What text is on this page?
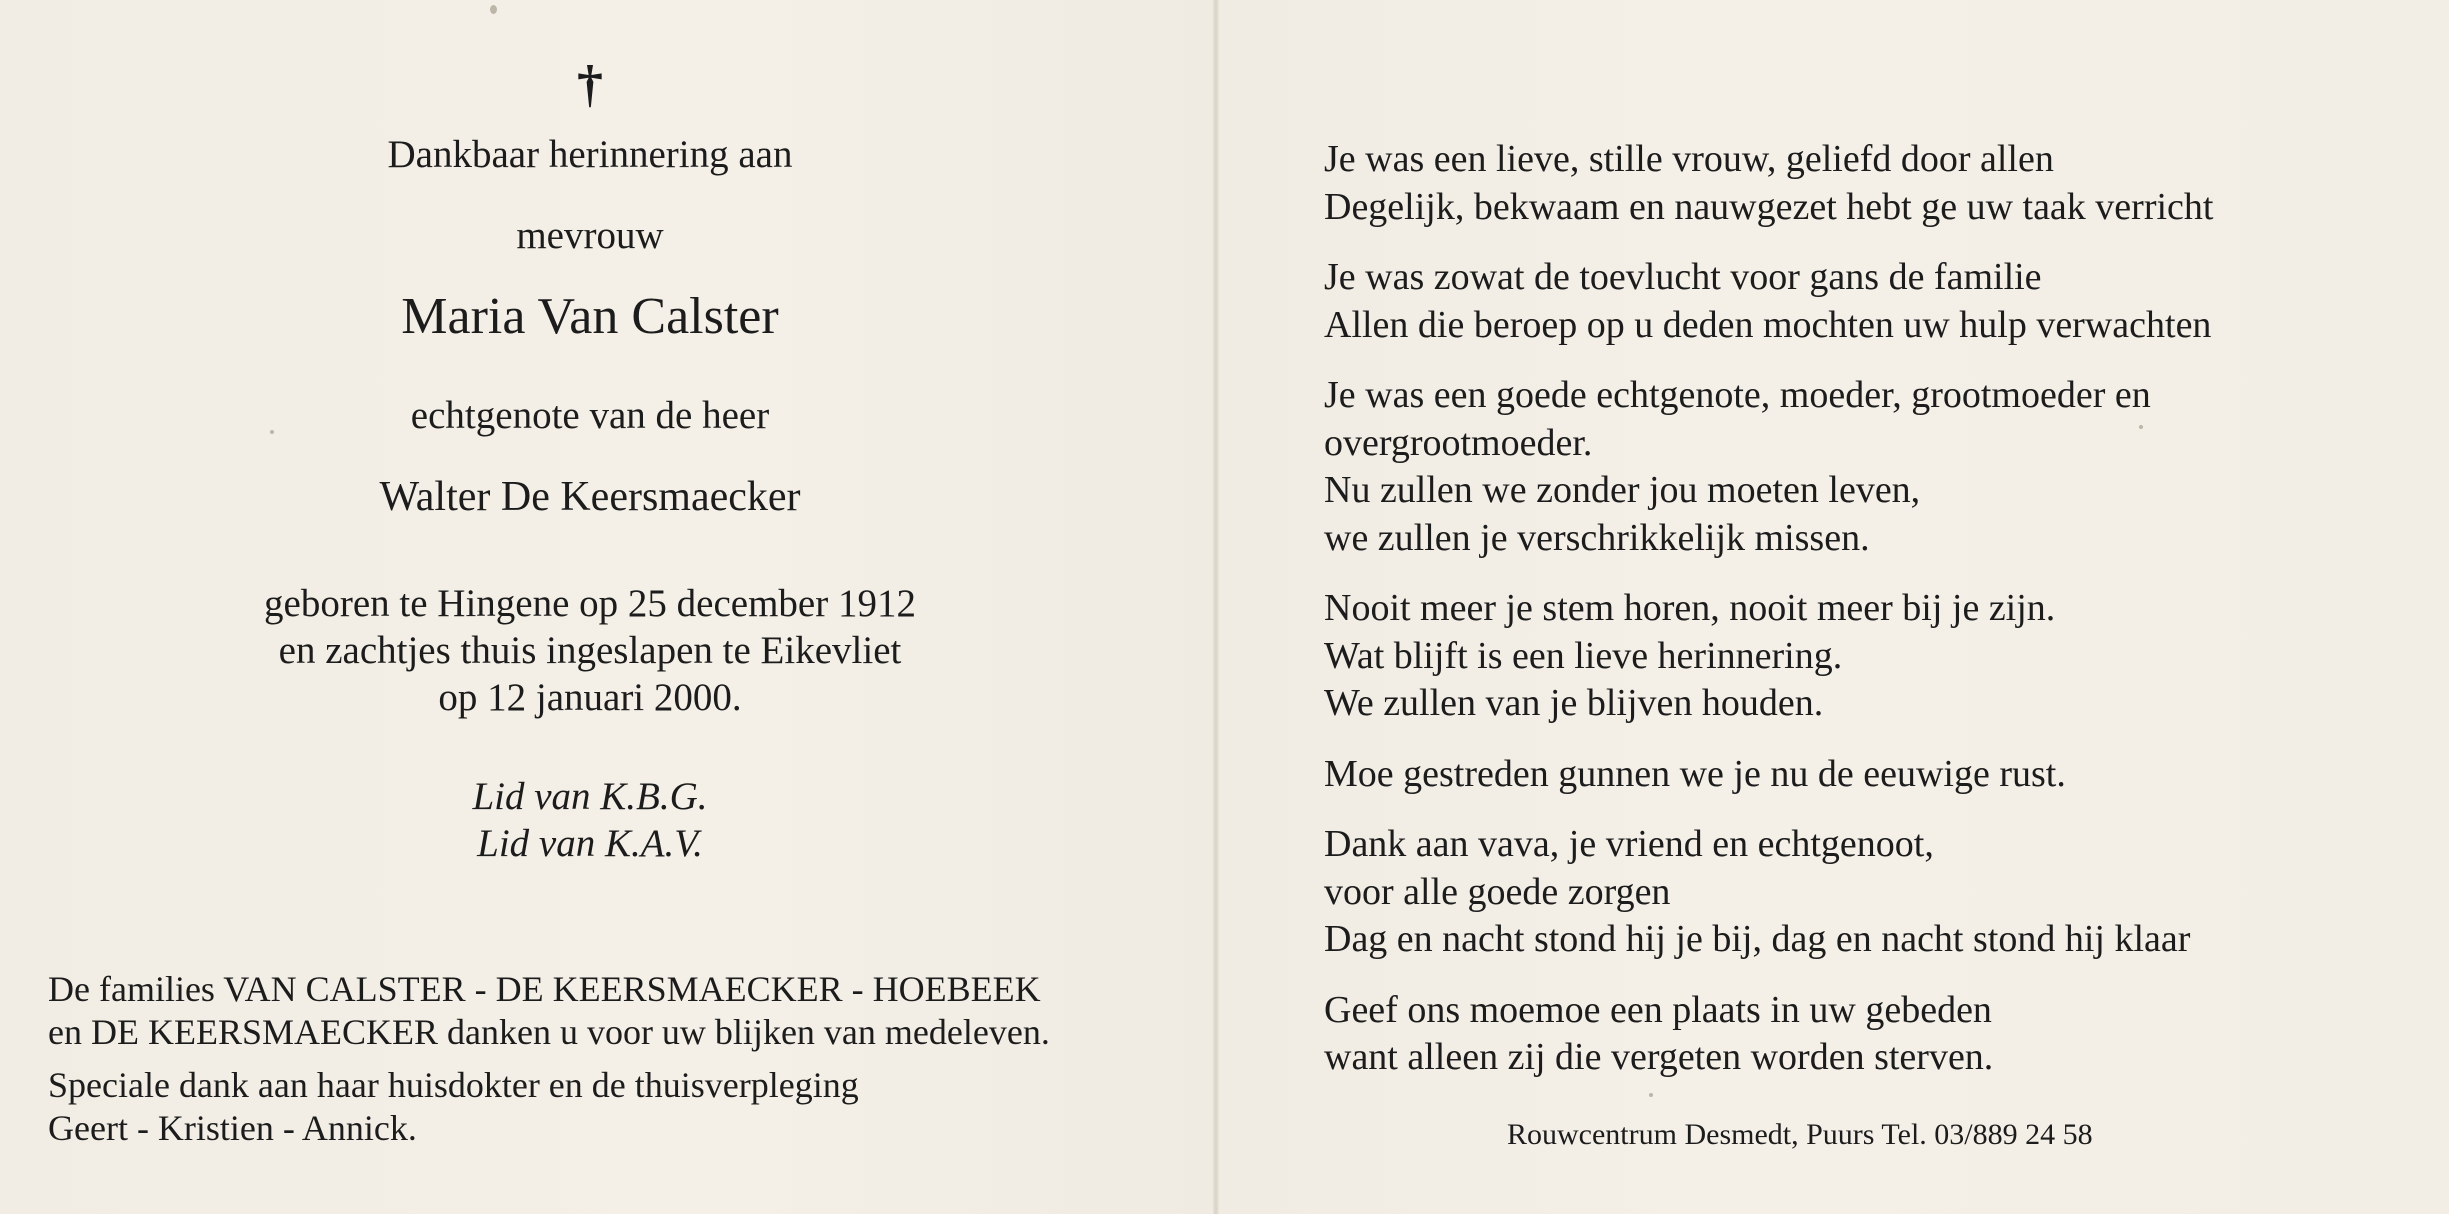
†
Dankbaar herinnering aan
mevrouw
Maria Van Calster
echtgenote van de heer
Walter De Keersmaecker
geboren te Hingene op 25 december 1912
en zachtjes thuis ingeslapen te Eikevliet
op 12 januari 2000.
Lid van K.B.G.
Lid van K.A.V.
De families VAN CALSTER - DE KEERSMAECKER - HOEBEEK
en DE KEERSMAECKER danken u voor uw blijken van medeleven.
Speciale dank aan haar huisdokter en de thuisverpleging
Geert - Kristien - Annick.
Je was een lieve, stille vrouw, geliefd door allen
Degelijk, bekwaam en nauwgezet hebt ge uw taak verricht
Je was zowat de toevlucht voor gans de familie
Allen die beroep op u deden mochten uw hulp verwachten
Je was een goede echtgenote, moeder, grootmoeder en
overgrootmoeder.
Nu zullen we zonder jou moeten leven,
we zullen je verschrikkelijk missen.
Nooit meer je stem horen, nooit meer bij je zijn.
Wat blijft is een lieve herinnering.
We zullen van je blijven houden.
Moe gestreden gunnen we je nu de eeuwige rust.
Dank aan vava, je vriend en echtgenoot,
voor alle goede zorgen
Dag en nacht stond hij je bij, dag en nacht stond hij klaar
Geef ons moemoe een plaats in uw gebeden
want alleen zij die vergeten worden sterven.
Rouwcentrum Desmedt, Puurs Tel. 03/889 24 58
